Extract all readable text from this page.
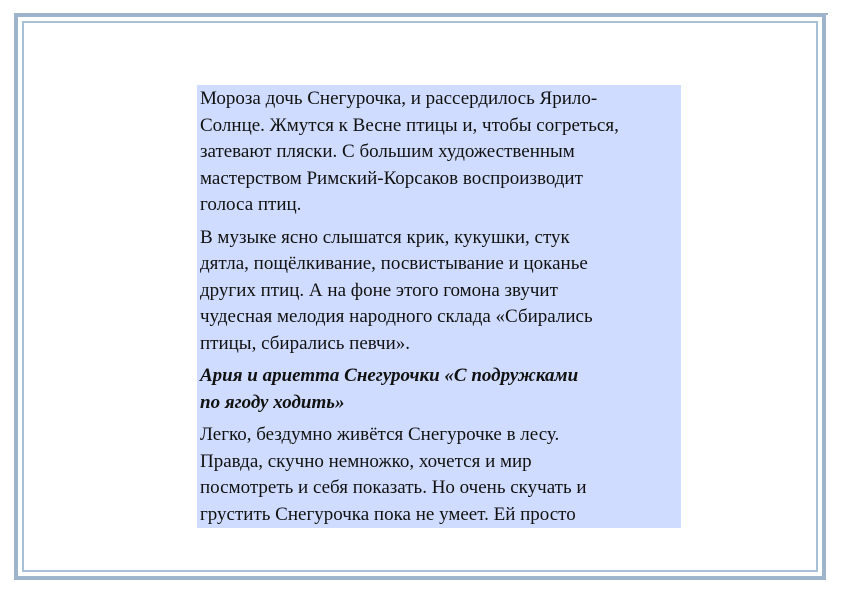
Мороза дочь Снегурочка, и рассердилось Ярило-
Солнце. Жмутся к Весне птицы и, чтобы согреться,
затевают пляски. С большим художественным
мастерством Римский-Корсаков воспроизводит
голоса птиц.

В музыке ясно слышатся крик, кукушки, стук
дятла, пощёлкивание, посвистывание и цоканье
других птиц. А на фоне этого гомона звучит
чудесная мелодия народного склада «Сбирались
птицы, сбирались певчи».

Ария и ариетта Снегурочки «С подружками
по ягоду ходить»

Легко, бездумно живётся Снегурочке в лесу.
Правда, скучно немножко, хочется и мир
посмотреть и себя показать. Но очень скучать и
грустить Снегурочка пока не умеет. Ей просто
